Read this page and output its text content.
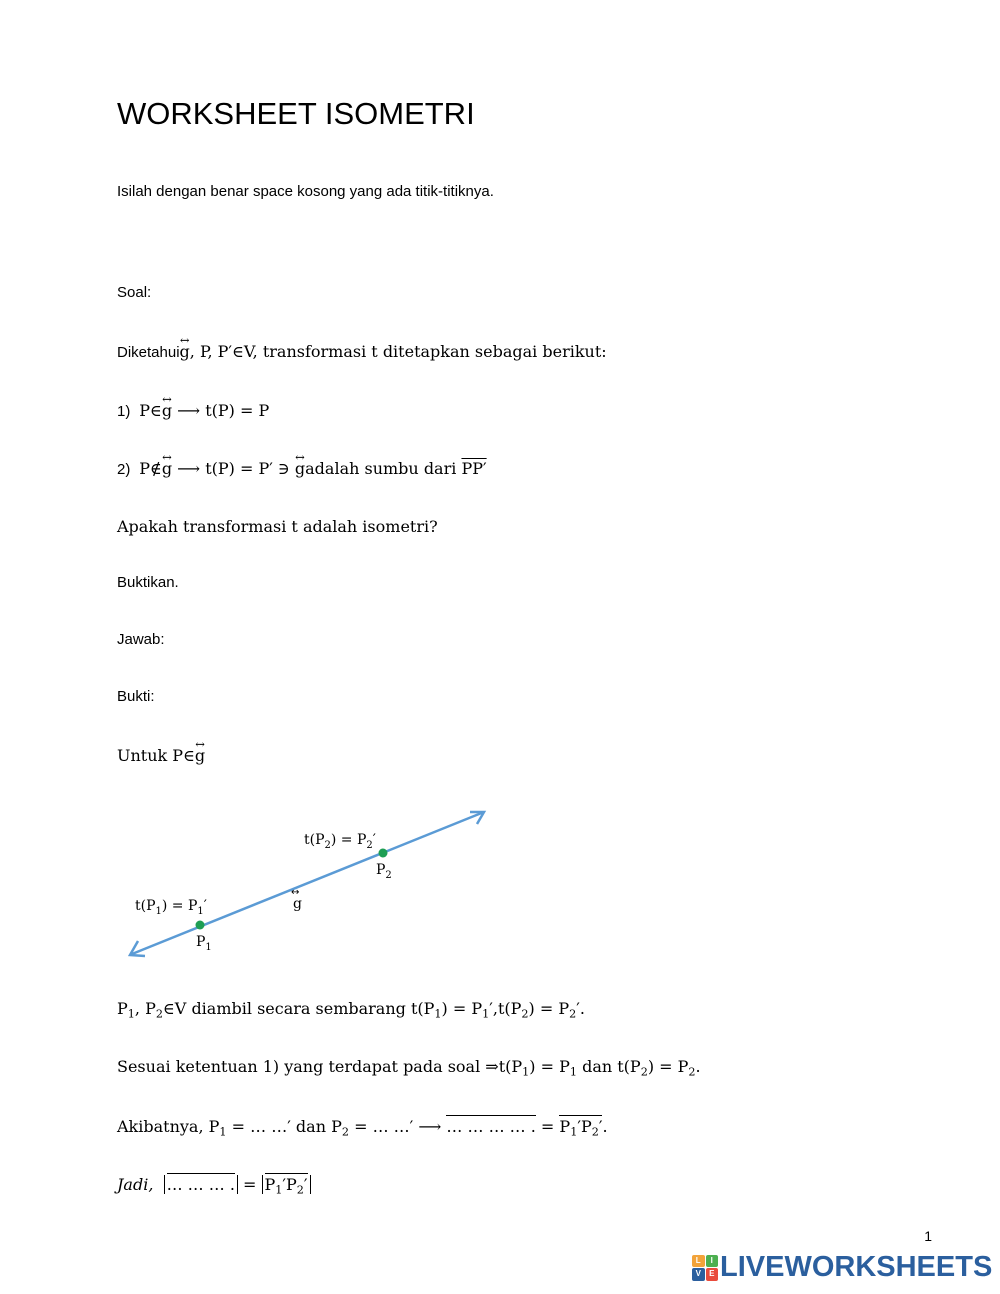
WORKSHEET ISOMETRI
Isilah dengan benar space kosong yang ada titik-titiknya.
Soal:
Diketahui↔ g, P, P′∈V, transformasi t ditetapkan sebagai berikut:
1) P∈↔ g ⟶ t(P) = P
2) P∉↔ g ⟶ t(P) = P′ ∋ ↔ gadalah sumbu dari PP′
Apakah transformasi t adalah isometri?
Buktikan.
Jawab:
Bukti:
Untuk P∈↔ g
$t(P_2) = P_2'$
$P_2$
g
↔
$t(P_1) = P_1'$
$P_1$
$P_1$, $P_2\in V$ diambil secara sembarang $t(P_1) = P_1',t(P_2) = P_2'$.
Sesuai ketentuan 1) yang terdapat pada soal $\Rightarrow t(P_1) = P_1$ dan $t(P_2) = P_2$.
Akibatnya, $P_1$ = … …′ dan $P_2$ = … …′ ⟶ … … … … . = $P_1'P_2'$.
Jadi, … … … . = $P_1'P_2'$
1
L	I
V	E LIVEWORKSHEETS
